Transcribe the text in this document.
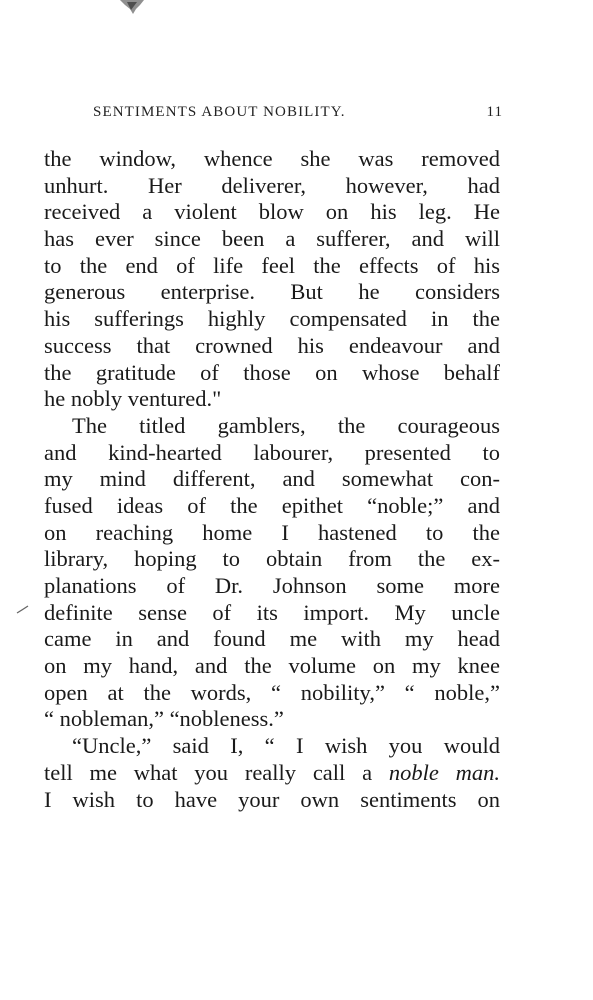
SENTIMENTS ABOUT NOBILITY.	11
the window, whence she was removed
unhurt. Her deliverer, however, had
received a violent blow on his leg. He
has ever since been a sufferer, and will
to the end of life feel the effects of his
generous enterprise. But he considers
his sufferings highly compensated in the
success that crowned his endeavour and
the gratitude of those on whose behalf
he nobly ventured."
The titled gamblers, the courageous
and kind-hearted labourer, presented to
my mind different, and somewhat con-
fused ideas of the epithet “noble;” and
on reaching home I hastened to the
library, hoping to obtain from the ex-
planations of Dr. Johnson some more
definite sense of its import. My uncle
came in and found me with my head
on my hand, and the volume on my knee
open at the words, “ nobility,” “ noble,”
“ nobleman,” “nobleness.”
“Uncle,” said I, “ I wish you would
tell me what you really call a noble man.
I wish to have your own sentiments on
